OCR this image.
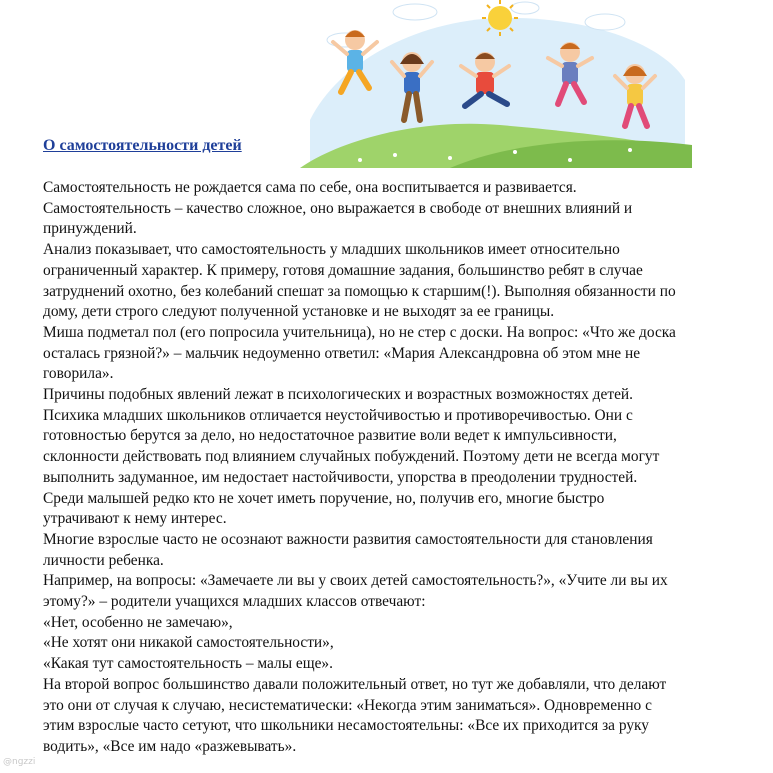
О самостоятельности детей

Самостоятельность не рождается сама по себе, она воспитывается и развивается.

Самостоятельность – качество сложное, оно выражается в свободе от внешних влияний и

принуждений.

Анализ показывает, что самостоятельность у младших школьников имеет относительно

ограниченный характер. К примеру, готовя домашние задания, большинство ребят в случае

затруднений охотно, без колебаний спешат за помощью к старшим(!). Выполняя обязанности по

дому, дети строго следуют полученной установке и не выходят за ее границы.

Миша подметал пол (его попросила учительница), но не стер с доски. На вопрос: «Что же доска

осталась грязной?» – мальчик недоуменно ответил: «Мария Александровна об этом мне не

говорила».

Причины подобных явлений лежат в психологических и возрастных возможностях детей.

Психика младших школьников отличается неустойчивостью и противоречивостью. Они с

готовностью берутся за дело, но недостаточное развитие воли ведет к импульсивности,

склонности действовать под влиянием случайных побуждений. Поэтому дети не всегда могут

выполнить задуманное, им недостает настойчивости, упорства в преодолении трудностей.

Среди малышей редко кто не хочет иметь поручение, но, получив его, многие быстро

утрачивают к нему интерес.

Многие взрослые часто не осознают важности развития самостоятельности для становления

личности ребенка.

Например, на вопросы: «Замечаете ли вы у своих детей самостоятельность?», «Учите ли вы их

этому?» – родители учащихся младших классов отвечают:

«Нет, особенно не замечаю»,

«Не хотят они никакой самостоятельности»,

«Какая тут самостоятельность – малы еще».

На второй вопрос большинство давали положительный ответ, но тут же добавляли, что делают

это они от случая к случаю, несистематически: «Некогда этим заниматься». Одновременно с

этим взрослые часто сетуют, что школьники несамостоятельны: «Все их приходится за руку

водить», «Все им надо «разжевывать».

@ngzzi
